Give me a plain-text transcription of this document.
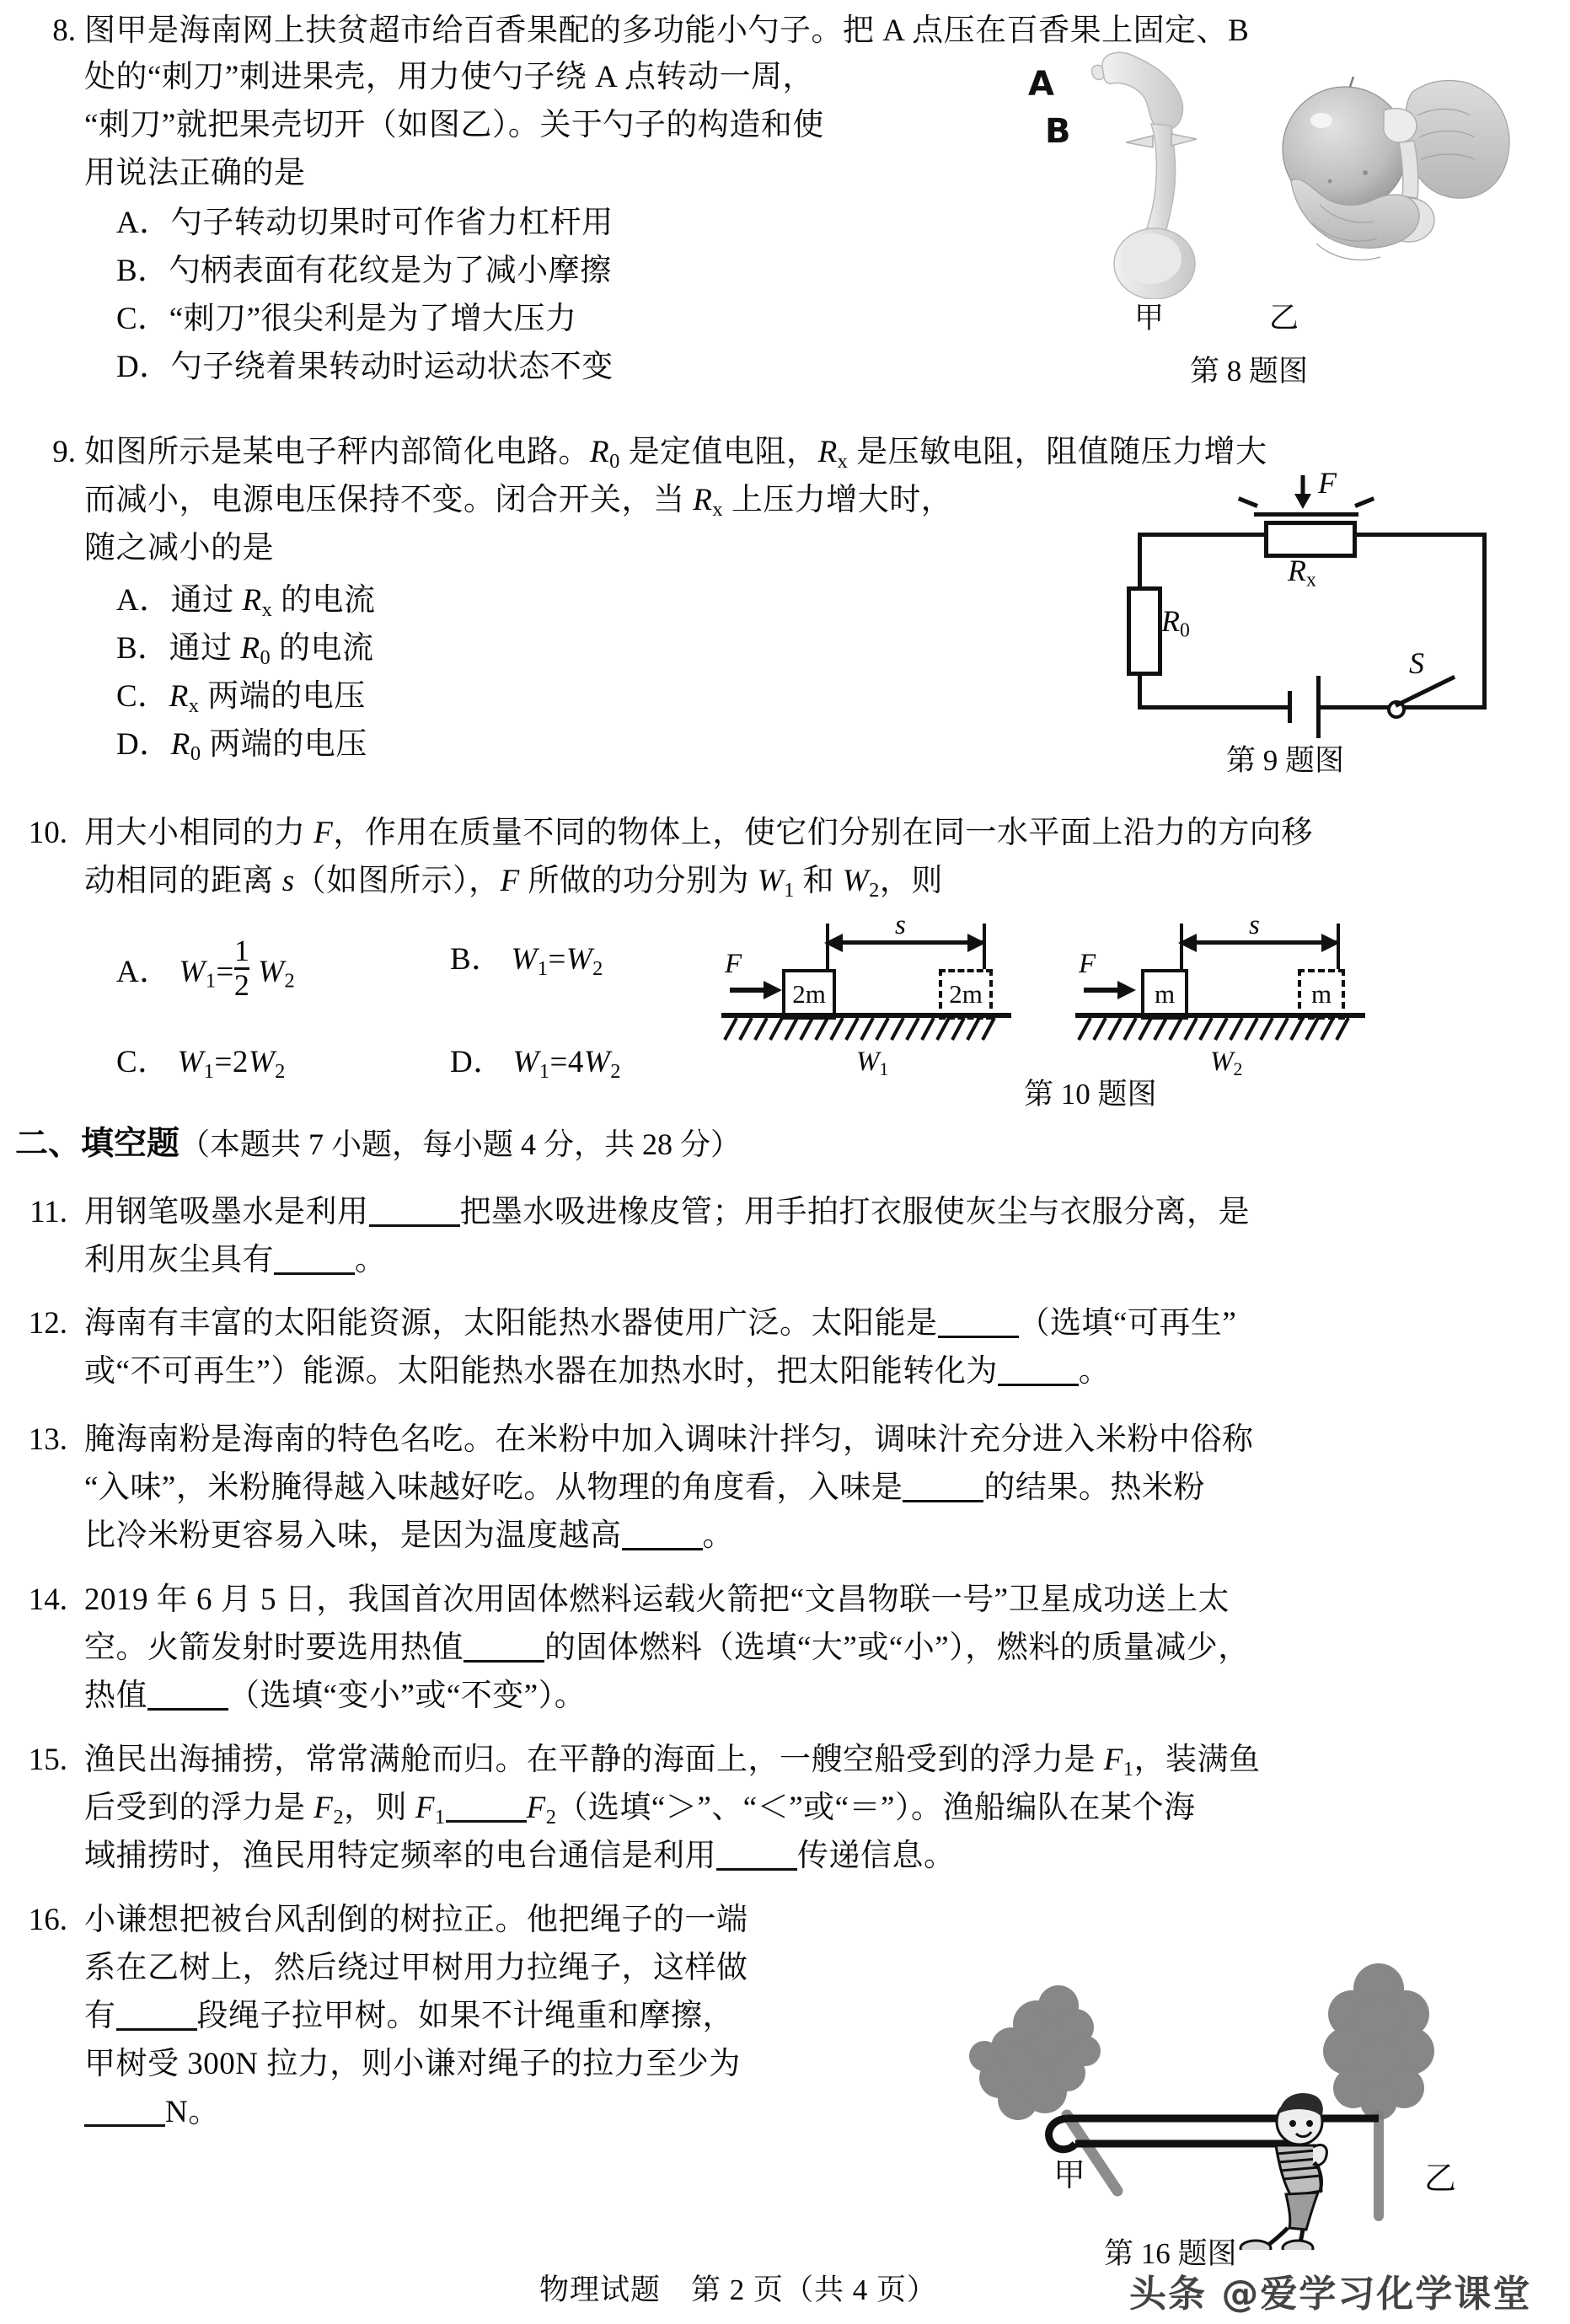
8. 图甲是海南网上扶贫超市给百香果配的多功能小勺子。把 A 点压在百香果上固定、B
处的“刺刀”刺进果壳，用力使勺子绕 A 点转动一周，
“刺刀”就把果壳切开（如图乙）。关于勺子的构造和使
用说法正确的是
A．勺子转动切果时可作省力杠杆用
B．勺柄表面有花纹是为了减小摩擦
C．“刺刀”很尖利是为了增大压力
D．勺子绕着果转动时运动状态不变
A
B
甲	乙
第 8 题图
9. 如图所示是某电子秤内部简化电路。$R_0$ 是定值电阻，$R_x$ 是压敏电阻，阻值随压力增大
而减小，电源电压保持不变。闭合开关，当 $R_x$ 上压力增大时，
随之减小的是
A．通过 $R_x$ 的电流
B．通过 $R_0$ 的电流
C．$R_x$ 两端的电压
D．$R_0$ 两端的电压
F
$R_x$
$R_0$
S
第 9 题图
10. 用大小相同的力 F，作用在质量不同的物体上，使它们分别在同一水平面上沿力的方向移
动相同的距离 s（如图所示），F 所做的功分别为 $W_1$ 和 $W_2$，则
A． $W_1= \frac{1}{2} W_2$
B． $W_1=W_2$
C． $W_1=2W_2$	D． $W_1=4W_2$
s
F
2m	2m
$W_1$
s
F
m	m
$W_2$
第 10 题图
二、填空题（本题共 7 小题，每小题 4 分，共 28 分）
11. 用钢笔吸墨水是利用	把墨水吸进橡皮管；用手拍打衣服使灰尘与衣服分离，是
利用灰尘具有	。
12. 海南有丰富的太阳能资源，太阳能热水器使用广泛。太阳能是	（选填“可再生”
或“不可再生”）能源。太阳能热水器在加热水时，把太阳能转化为	。
13. 腌海南粉是海南的特色名吃。在米粉中加入调味汁拌匀，调味汁充分进入米粉中俗称
“入味”，米粉腌得越入味越好吃。从物理的角度看，入味是	的结果。热米粉
比冷米粉更容易入味，是因为温度越高	。
14. 2019 年 6 月 5 日，我国首次用固体燃料运载火箭把“文昌物联一号”卫星成功送上太
空。火箭发射时要选用热值	的固体燃料（选填“大”或“小”），燃料的质量减少，
热值	（选填“变小”或“不变”）。
15. 渔民出海捕捞，常常满舱而归。在平静的海面上，一艘空船受到的浮力是 $F_1$，装满鱼
后受到的浮力是 $F_2$，则 $F_1$	$F_2$（选填“＞”、“＜”或“＝”）。渔船编队在某个海
域捕捞时，渔民用特定频率的电台通信是利用	传递信息。
16. 小谦想把被台风刮倒的树拉正。他把绳子的一端
系在乙树上，然后绕过甲树用力拉绳子，这样做
有	段绳子拉甲树。如果不计绳重和摩擦，
甲树受 300N 拉力，则小谦对绳子的拉力至少为
N。
甲	乙
第 16 题图
物理试题　第 2 页（共 4 页）	头条 @爱学习化学课堂
